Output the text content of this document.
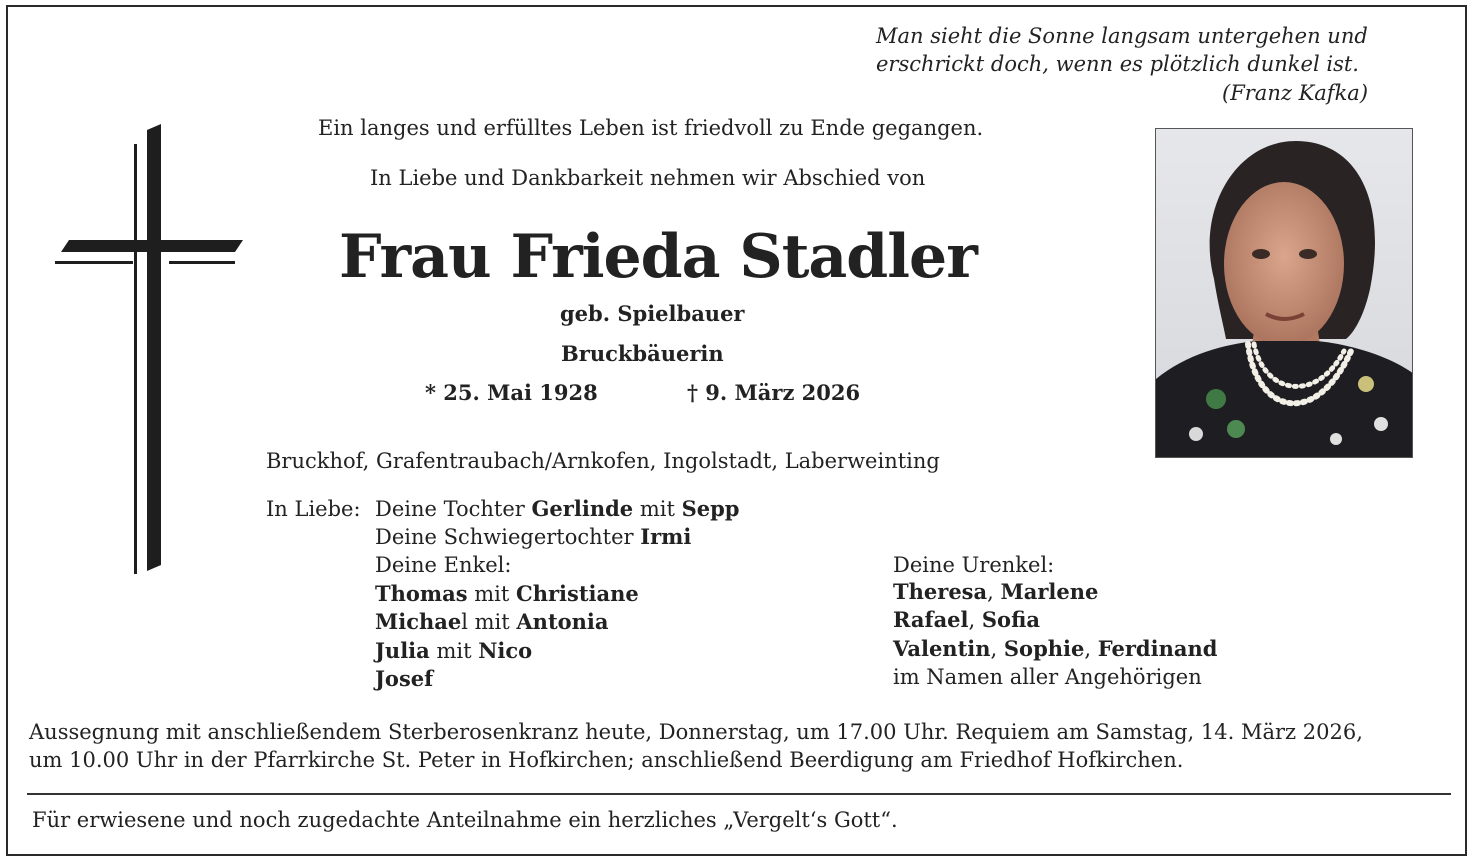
Man sieht die Sonne langsam untergehen und
erschrickt doch, wenn es plötzlich dunkel ist.
(Franz Kafka)
Ein langes und erfülltes Leben ist friedvoll zu Ende gegangen.
In Liebe und Dankbarkeit nehmen wir Abschied von
Frau Frieda Stadler
geb. Spielbauer
Bruckbäuerin
* 25. Mai 1928	† 9. März 2026
Bruckhof, Grafentraubach/Arnkofen, Ingolstadt, Laberweinting
In Liebe: Deine Tochter Gerlinde mit Sepp
Deine Schwiegertochter Irmi
Deine Enkel:
Thomas mit Christiane
Michael mit Antonia
Julia mit Nico
Josef
Deine Urenkel:
Theresa, Marlene
Rafael, Sofia
Valentin, Sophie, Ferdinand
im Namen aller Angehörigen
Aussegnung mit anschließendem Sterberosenkranz heute, Donnerstag, um 17.00 Uhr. Requiem am Samstag, 14. März 2026,
um 10.00 Uhr in der Pfarrkirche St. Peter in Hofkirchen; anschließend Beerdigung am Friedhof Hofkirchen.
Für erwiesene und noch zugedachte Anteilnahme ein herzliches „Vergelt‘s Gott“.
